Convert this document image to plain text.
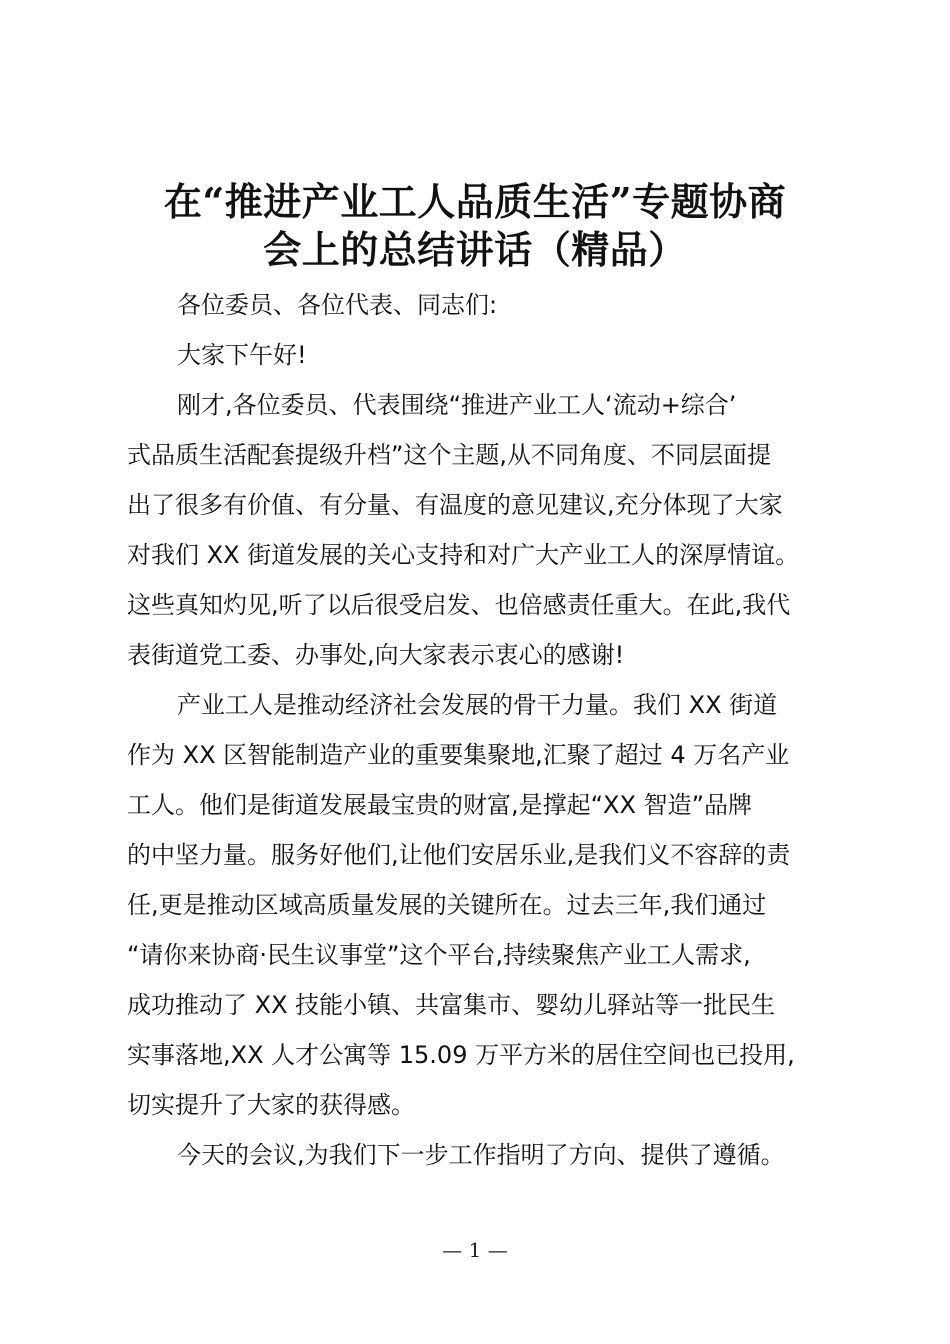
在“推进产业工人品质生活”专题协商
会上的总结讲话（精品）

各位委员、各位代表、同志们:

大家下午好!

刚才,各位委员、代表围绕“推进产业工人‘流动+综合’
式品质生活配套提级升档”这个主题,从不同角度、不同层面提
出了很多有价值、有分量、有温度的意见建议,充分体现了大家
对我们 XX 街道发展的关心支持和对广大产业工人的深厚情谊。
这些真知灼见,听了以后很受启发、也倍感责任重大。在此,我代
表街道党工委、办事处,向大家表示衷心的感谢!

产业工人是推动经济社会发展的骨干力量。我们 XX 街道
作为 XX 区智能制造产业的重要集聚地,汇聚了超过 4 万名产业
工人。他们是街道发展最宝贵的财富,是撑起“XX 智造”品牌
的中坚力量。服务好他们,让他们安居乐业,是我们义不容辞的责
任,更是推动区域高质量发展的关键所在。过去三年,我们通过
“请你来协商·民生议事堂”这个平台,持续聚焦产业工人需求,
成功推动了 XX 技能小镇、共富集市、婴幼儿驿站等一批民生
实事落地,XX 人才公寓等 15.09 万平方米的居住空间也已投用,
切实提升了大家的获得感。

今天的会议,为我们下一步工作指明了方向、提供了遵循。

— 1 —
